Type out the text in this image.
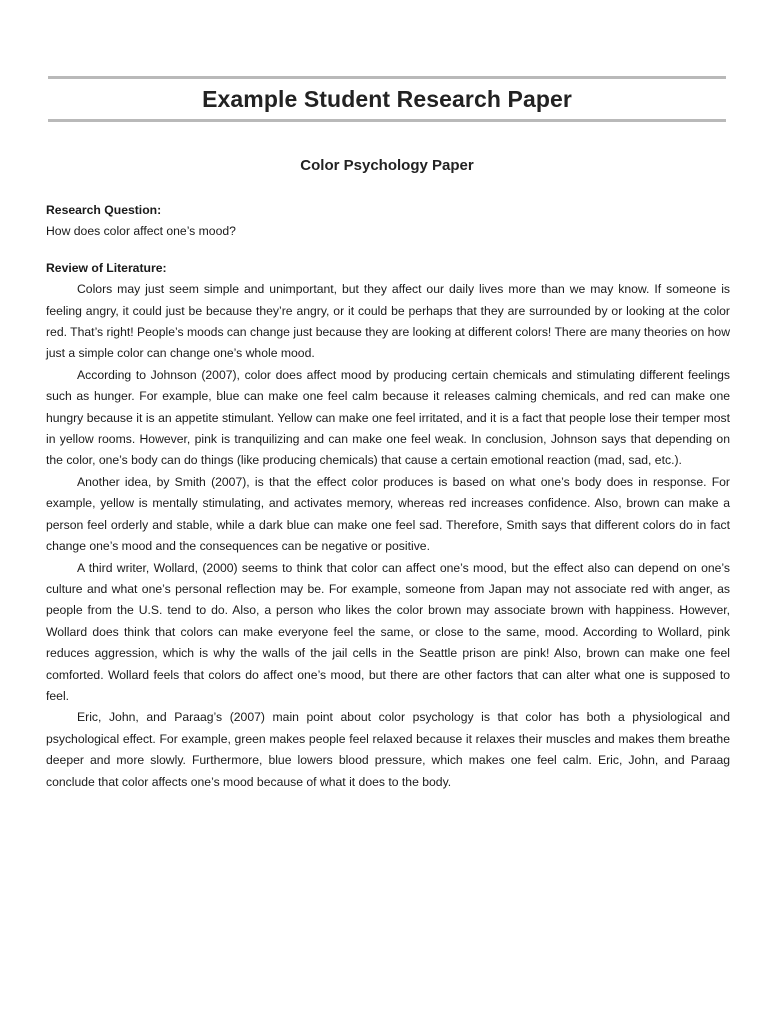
Example Student Research Paper
Color Psychology Paper

Research Question:

How does color affect one’s mood?

Review of Literature:

Colors may just seem simple and unimportant, but they affect our daily lives more than we may know. If someone is feeling angry, it could just be because they’re angry, or it could be perhaps that they are surrounded by or looking at the color red. That’s right! People’s moods can change just because they are looking at different colors! There are many theories on how just a simple color can change one’s whole mood.

According to Johnson (2007), color does affect mood by producing certain chemicals and stimulating different feelings such as hunger. For example, blue can make one feel calm because it releases calming chemicals, and red can make one hungry because it is an appetite stimulant. Yellow can make one feel irritated, and it is a fact that people lose their temper most in yellow rooms. However, pink is tranquilizing and can make one feel weak. In conclusion, Johnson says that depending on the color, one’s body can do things (like producing chemicals) that cause a certain emotional reaction (mad, sad, etc.).

Another idea, by Smith (2007), is that the effect color produces is based on what one’s body does in response. For example, yellow is mentally stimulating, and activates memory, whereas red increases confidence. Also, brown can make a person feel orderly and stable, while a dark blue can make one feel sad. Therefore, Smith says that different colors do in fact change one’s mood and the consequences can be negative or positive.

A third writer, Wollard, (2000) seems to think that color can affect one’s mood, but the effect also can depend on one’s culture and what one’s personal reflection may be. For example, someone from Japan may not associate red with anger, as people from the U.S. tend to do. Also, a person who likes the color brown may associate brown with happiness. However, Wollard does think that colors can make everyone feel the same, or close to the same, mood. According to Wollard, pink reduces aggression, which is why the walls of the jail cells in the Seattle prison are pink! Also, brown can make one feel comforted. Wollard feels that colors do affect one’s mood, but there are other factors that can alter what one is supposed to feel.

Eric, John, and Paraag’s (2007) main point about color psychology is that color has both a physiological and psychological effect. For example, green makes people feel relaxed because it relaxes their muscles and makes them breathe deeper and more slowly. Furthermore, blue lowers blood pressure, which makes one feel calm. Eric, John, and Paraag conclude that color affects one’s mood because of what it does to the body.
